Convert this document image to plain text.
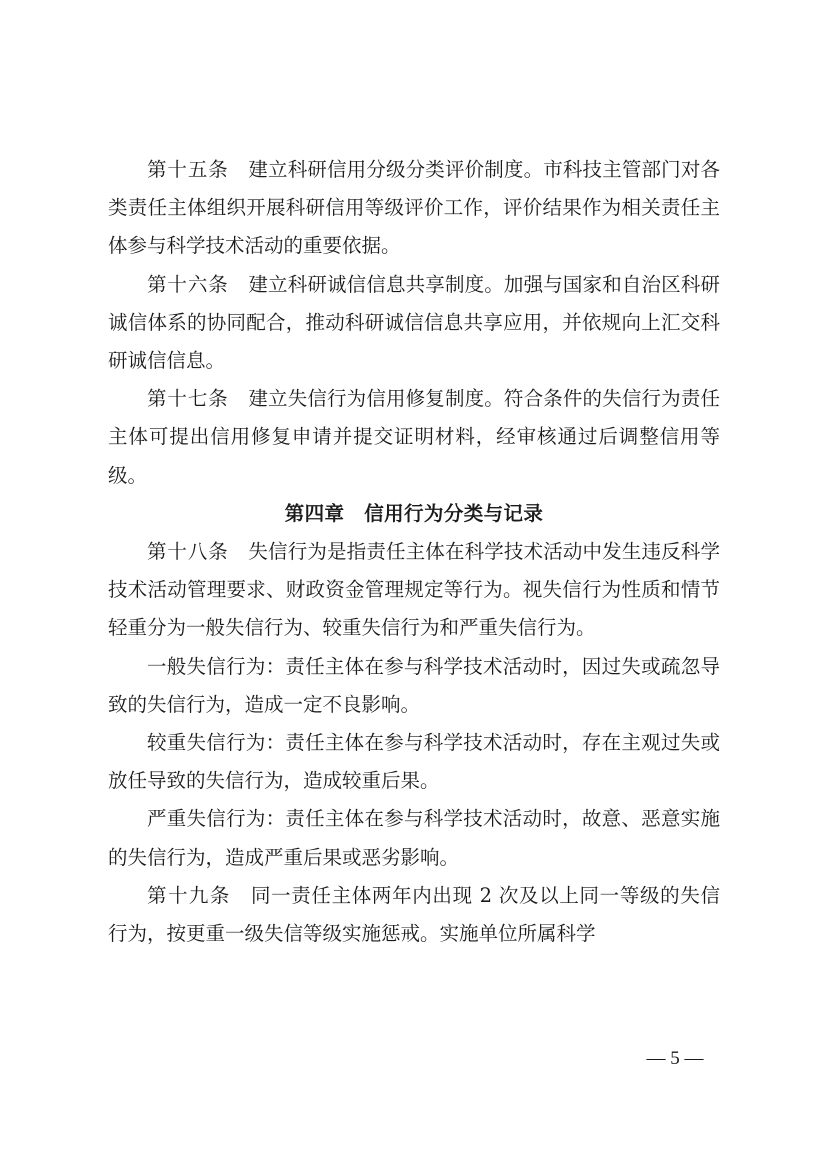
第十五条 建立科研信用分级分类评价制度。市科技主管部门对各类责任主体组织开展科研信用等级评价工作，评价结果作为相关责任主体参与科学技术活动的重要依据。

第十六条 建立科研诚信信息共享制度。加强与国家和自治区科研诚信体系的协同配合，推动科研诚信信息共享应用，并依规向上汇交科研诚信信息。

第十七条 建立失信行为信用修复制度。符合条件的失信行为责任主体可提出信用修复申请并提交证明材料，经审核通过后调整信用等级。

第四章　信用行为分类与记录

第十八条 失信行为是指责任主体在科学技术活动中发生违反科学技术活动管理要求、财政资金管理规定等行为。视失信行为性质和情节轻重分为一般失信行为、较重失信行为和严重失信行为。

一般失信行为：责任主体在参与科学技术活动时，因过失或疏忽导致的失信行为，造成一定不良影响。

较重失信行为：责任主体在参与科学技术活动时，存在主观过失或放任导致的失信行为，造成较重后果。

严重失信行为：责任主体在参与科学技术活动时，故意、恶意实施的失信行为，造成严重后果或恶劣影响。

第十九条 同一责任主体两年内出现 2 次及以上同一等级的失信行为，按更重一级失信等级实施惩戒。实施单位所属科学

— 5 —
